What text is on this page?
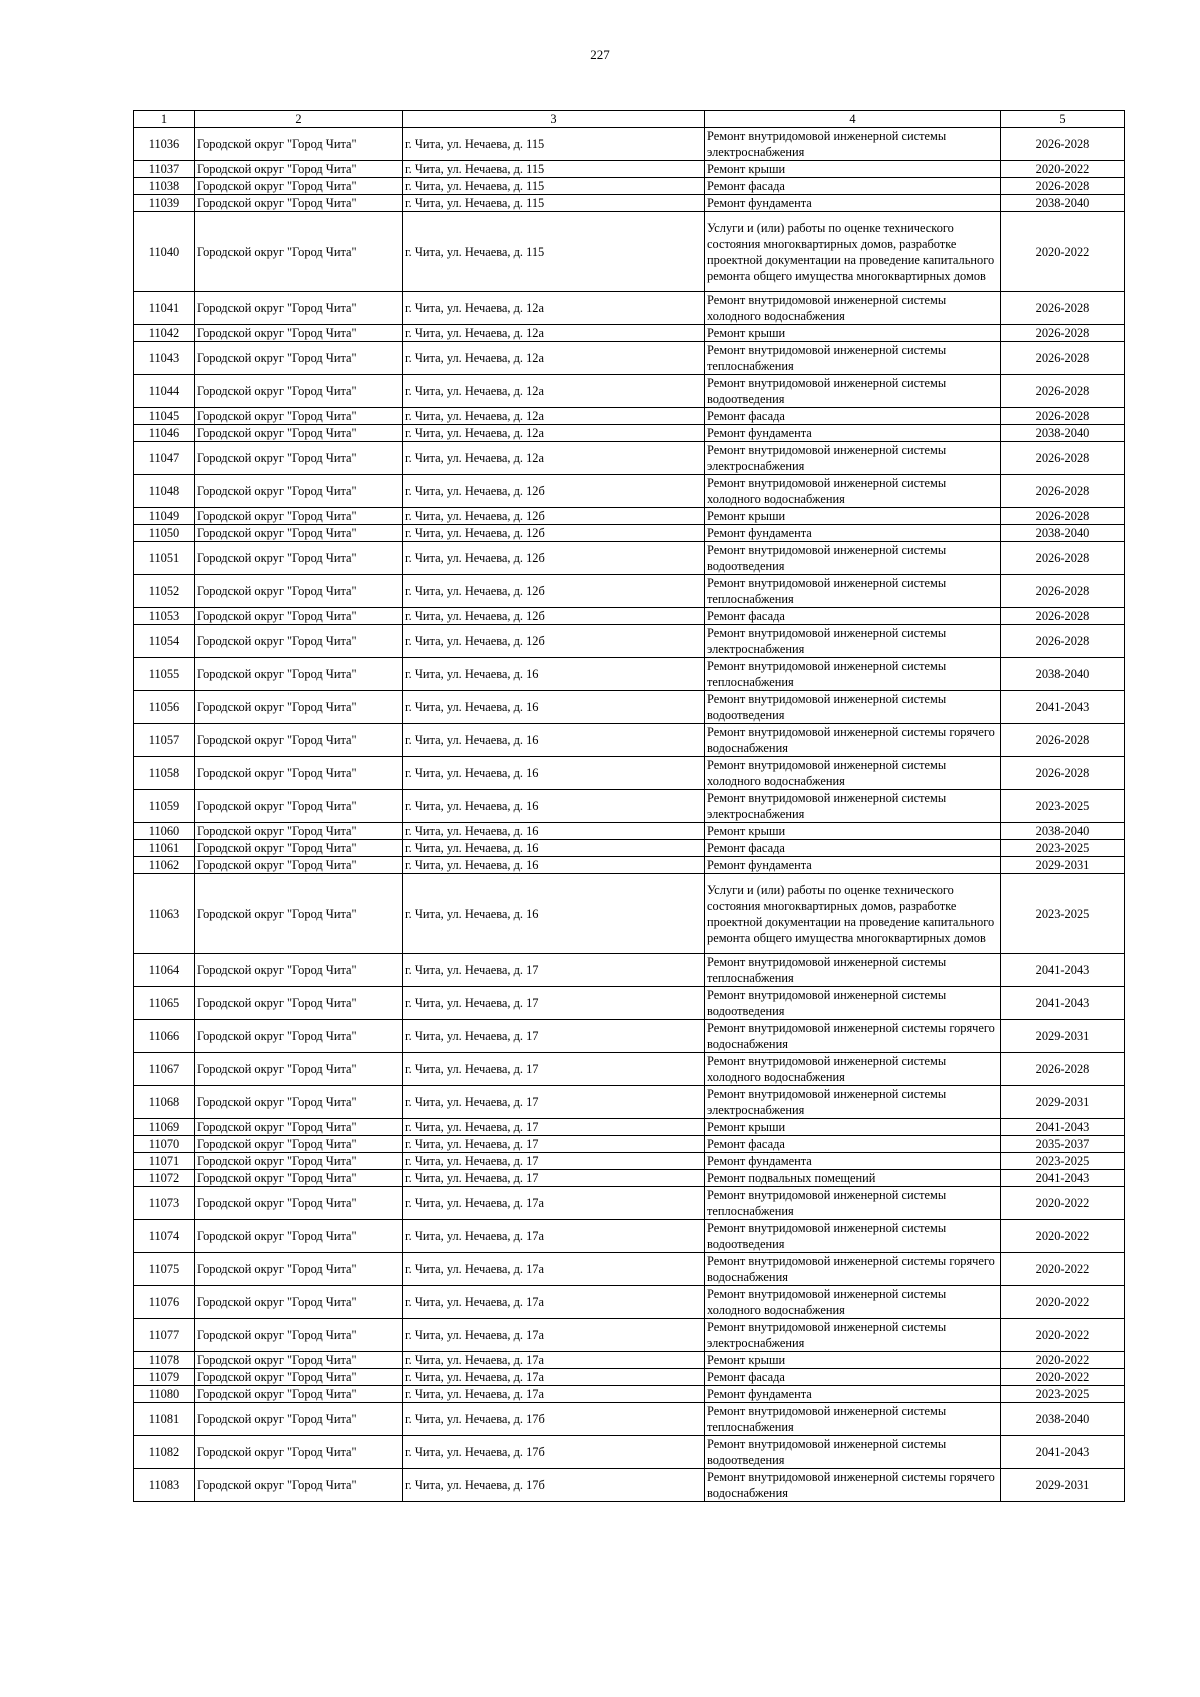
227
1	2	3	4	5
11036	Городской округ "Город Чита"	г. Чита, ул. Нечаева, д. 115	Ремонт внутридомовой инженерной системы электроснабжения	2026-2028
11037	Городской округ "Город Чита"	г. Чита, ул. Нечаева, д. 115	Ремонт крыши	2020-2022
11038	Городской округ "Город Чита"	г. Чита, ул. Нечаева, д. 115	Ремонт фасада	2026-2028
11039	Городской округ "Город Чита"	г. Чита, ул. Нечаева, д. 115	Ремонт фундамента	2038-2040
11040	Городской округ "Город Чита"	г. Чита, ул. Нечаева, д. 115	Услуги и (или) работы по оценке технического состояния многоквартирных домов, разработке проектной документации на проведение капитального ремонта общего имущества многоквартирных домов	2020-2022
11041	Городской округ "Город Чита"	г. Чита, ул. Нечаева, д. 12а	Ремонт внутридомовой инженерной системы холодного водоснабжения	2026-2028
11042	Городской округ "Город Чита"	г. Чита, ул. Нечаева, д. 12а	Ремонт крыши	2026-2028
11043	Городской округ "Город Чита"	г. Чита, ул. Нечаева, д. 12а	Ремонт внутридомовой инженерной системы теплоснабжения	2026-2028
11044	Городской округ "Город Чита"	г. Чита, ул. Нечаева, д. 12а	Ремонт внутридомовой инженерной системы водоотведения	2026-2028
11045	Городской округ "Город Чита"	г. Чита, ул. Нечаева, д. 12а	Ремонт фасада	2026-2028
11046	Городской округ "Город Чита"	г. Чита, ул. Нечаева, д. 12а	Ремонт фундамента	2038-2040
11047	Городской округ "Город Чита"	г. Чита, ул. Нечаева, д. 12а	Ремонт внутридомовой инженерной системы электроснабжения	2026-2028
11048	Городской округ "Город Чита"	г. Чита, ул. Нечаева, д. 12б	Ремонт внутридомовой инженерной системы холодного водоснабжения	2026-2028
11049	Городской округ "Город Чита"	г. Чита, ул. Нечаева, д. 12б	Ремонт крыши	2026-2028
11050	Городской округ "Город Чита"	г. Чита, ул. Нечаева, д. 12б	Ремонт фундамента	2038-2040
11051	Городской округ "Город Чита"	г. Чита, ул. Нечаева, д. 12б	Ремонт внутридомовой инженерной системы водоотведения	2026-2028
11052	Городской округ "Город Чита"	г. Чита, ул. Нечаева, д. 12б	Ремонт внутридомовой инженерной системы теплоснабжения	2026-2028
11053	Городской округ "Город Чита"	г. Чита, ул. Нечаева, д. 12б	Ремонт фасада	2026-2028
11054	Городской округ "Город Чита"	г. Чита, ул. Нечаева, д. 12б	Ремонт внутридомовой инженерной системы электроснабжения	2026-2028
11055	Городской округ "Город Чита"	г. Чита, ул. Нечаева, д. 16	Ремонт внутридомовой инженерной системы теплоснабжения	2038-2040
11056	Городской округ "Город Чита"	г. Чита, ул. Нечаева, д. 16	Ремонт внутридомовой инженерной системы водоотведения	2041-2043
11057	Городской округ "Город Чита"	г. Чита, ул. Нечаева, д. 16	Ремонт внутридомовой инженерной системы горячего водоснабжения	2026-2028
11058	Городской округ "Город Чита"	г. Чита, ул. Нечаева, д. 16	Ремонт внутридомовой инженерной системы холодного водоснабжения	2026-2028
11059	Городской округ "Город Чита"	г. Чита, ул. Нечаева, д. 16	Ремонт внутридомовой инженерной системы электроснабжения	2023-2025
11060	Городской округ "Город Чита"	г. Чита, ул. Нечаева, д. 16	Ремонт крыши	2038-2040
11061	Городской округ "Город Чита"	г. Чита, ул. Нечаева, д. 16	Ремонт фасада	2023-2025
11062	Городской округ "Город Чита"	г. Чита, ул. Нечаева, д. 16	Ремонт фундамента	2029-2031
11063	Городской округ "Город Чита"	г. Чита, ул. Нечаева, д. 16	Услуги и (или) работы по оценке технического состояния многоквартирных домов, разработке проектной документации на проведение капитального ремонта общего имущества многоквартирных домов	2023-2025
11064	Городской округ "Город Чита"	г. Чита, ул. Нечаева, д. 17	Ремонт внутридомовой инженерной системы теплоснабжения	2041-2043
11065	Городской округ "Город Чита"	г. Чита, ул. Нечаева, д. 17	Ремонт внутридомовой инженерной системы водоотведения	2041-2043
11066	Городской округ "Город Чита"	г. Чита, ул. Нечаева, д. 17	Ремонт внутридомовой инженерной системы горячего водоснабжения	2029-2031
11067	Городской округ "Город Чита"	г. Чита, ул. Нечаева, д. 17	Ремонт внутридомовой инженерной системы холодного водоснабжения	2026-2028
11068	Городской округ "Город Чита"	г. Чита, ул. Нечаева, д. 17	Ремонт внутридомовой инженерной системы электроснабжения	2029-2031
11069	Городской округ "Город Чита"	г. Чита, ул. Нечаева, д. 17	Ремонт крыши	2041-2043
11070	Городской округ "Город Чита"	г. Чита, ул. Нечаева, д. 17	Ремонт фасада	2035-2037
11071	Городской округ "Город Чита"	г. Чита, ул. Нечаева, д. 17	Ремонт фундамента	2023-2025
11072	Городской округ "Город Чита"	г. Чита, ул. Нечаева, д. 17	Ремонт подвальных помещений	2041-2043
11073	Городской округ "Город Чита"	г. Чита, ул. Нечаева, д. 17а	Ремонт внутридомовой инженерной системы теплоснабжения	2020-2022
11074	Городской округ "Город Чита"	г. Чита, ул. Нечаева, д. 17а	Ремонт внутридомовой инженерной системы водоотведения	2020-2022
11075	Городской округ "Город Чита"	г. Чита, ул. Нечаева, д. 17а	Ремонт внутридомовой инженерной системы горячего водоснабжения	2020-2022
11076	Городской округ "Город Чита"	г. Чита, ул. Нечаева, д. 17а	Ремонт внутридомовой инженерной системы холодного водоснабжения	2020-2022
11077	Городской округ "Город Чита"	г. Чита, ул. Нечаева, д. 17а	Ремонт внутридомовой инженерной системы электроснабжения	2020-2022
11078	Городской округ "Город Чита"	г. Чита, ул. Нечаева, д. 17а	Ремонт крыши	2020-2022
11079	Городской округ "Город Чита"	г. Чита, ул. Нечаева, д. 17а	Ремонт фасада	2020-2022
11080	Городской округ "Город Чита"	г. Чита, ул. Нечаева, д. 17а	Ремонт фундамента	2023-2025
11081	Городской округ "Город Чита"	г. Чита, ул. Нечаева, д. 17б	Ремонт внутридомовой инженерной системы теплоснабжения	2038-2040
11082	Городской округ "Город Чита"	г. Чита, ул. Нечаева, д. 17б	Ремонт внутридомовой инженерной системы водоотведения	2041-2043
11083	Городской округ "Город Чита"	г. Чита, ул. Нечаева, д. 17б	Ремонт внутридомовой инженерной системы горячего водоснабжения	2029-2031
